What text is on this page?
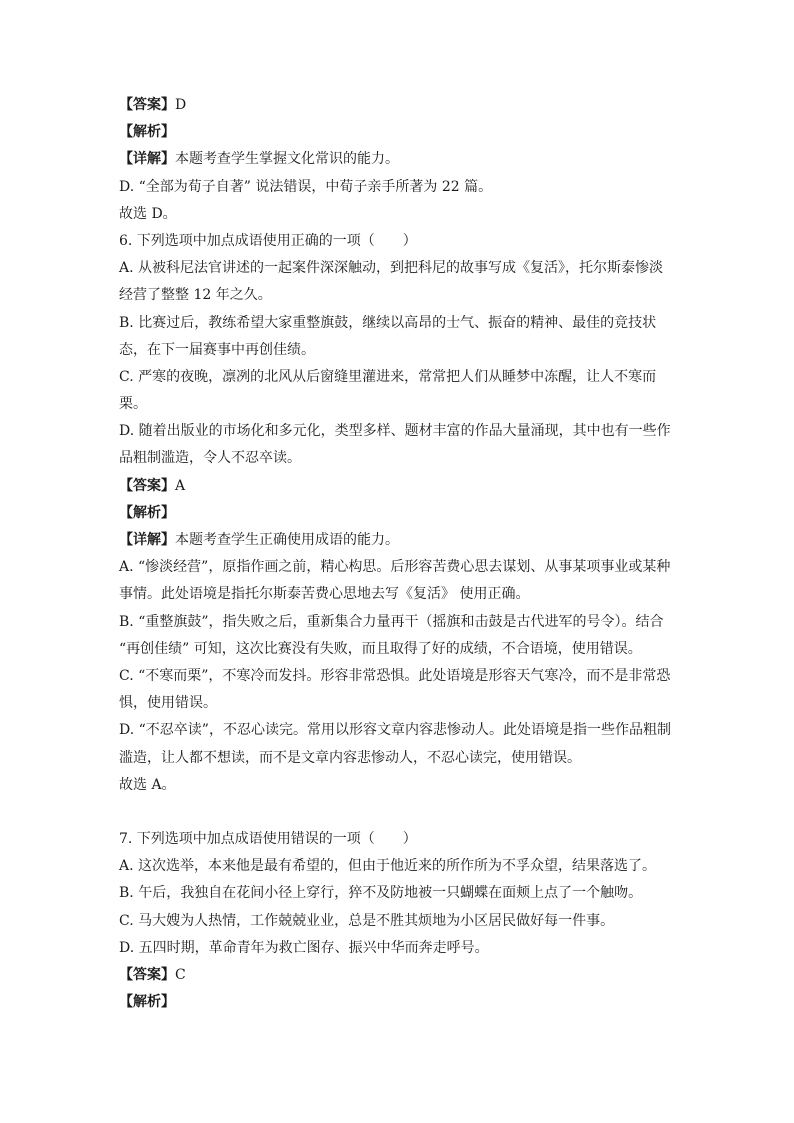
【答案】D
【解析】
【详解】本题考查学生掌握文化常识的能力。
D. “全部为荀子自著” 说法错误，中荀子亲手所著为 22 篇。
故选 D。
6. 下列选项中加点成语使用正确的一项（　　）
A. 从被科尼法官讲述的一起案件深深触动，到把科尼的故事写成《复活》，托尔斯泰惨淡
经营了整整 12 年之久。
B. 比赛过后，教练希望大家重整旗鼓，继续以高昂的士气、振奋的精神、最佳的竞技状
态，在下一届赛事中再创佳绩。
C. 严寒的夜晚，凛冽的北风从后窗缝里灌进来，常常把人们从睡梦中冻醒，让人不寒而
栗。
D. 随着出版业的市场化和多元化，类型多样、题材丰富的作品大量涌现，其中也有一些作
品粗制滥造，令人不忍卒读。
【答案】A
【解析】
【详解】本题考查学生正确使用成语的能力。
A. “惨淡经营”，原指作画之前，精心构思。后形容苦费心思去谋划、从事某项事业或某种
事情。此处语境是指托尔斯泰苦费心思地去写《复活》 使用正确。
B. “重整旗鼓”，指失败之后，重新集合力量再干（摇旗和击鼓是古代进军的号令）。结合
“再创佳绩” 可知，这次比赛没有失败，而且取得了好的成绩，不合语境，使用错误。
C. “不寒而栗”，不寒冷而发抖。形容非常恐惧。此处语境是形容天气寒冷，而不是非常恐
惧，使用错误。
D. “不忍卒读”，不忍心读完。常用以形容文章内容悲惨动人。此处语境是指一些作品粗制
滥造，让人都不想读，而不是文章内容悲惨动人，不忍心读完，使用错误。
故选 A。
7. 下列选项中加点成语使用错误的一项（　　）
A. 这次选举，本来他是最有希望的，但由于他近来的所作所为不孚众望，结果落选了。
B. 午后，我独自在花间小径上穿行，猝不及防地被一只蝴蝶在面颊上点了一个触吻。
C. 马大嫂为人热情，工作兢兢业业，总是不胜其烦地为小区居民做好每一件事。
D. 五四时期，革命青年为救亡图存、振兴中华而奔走呼号。
【答案】C
【解析】
